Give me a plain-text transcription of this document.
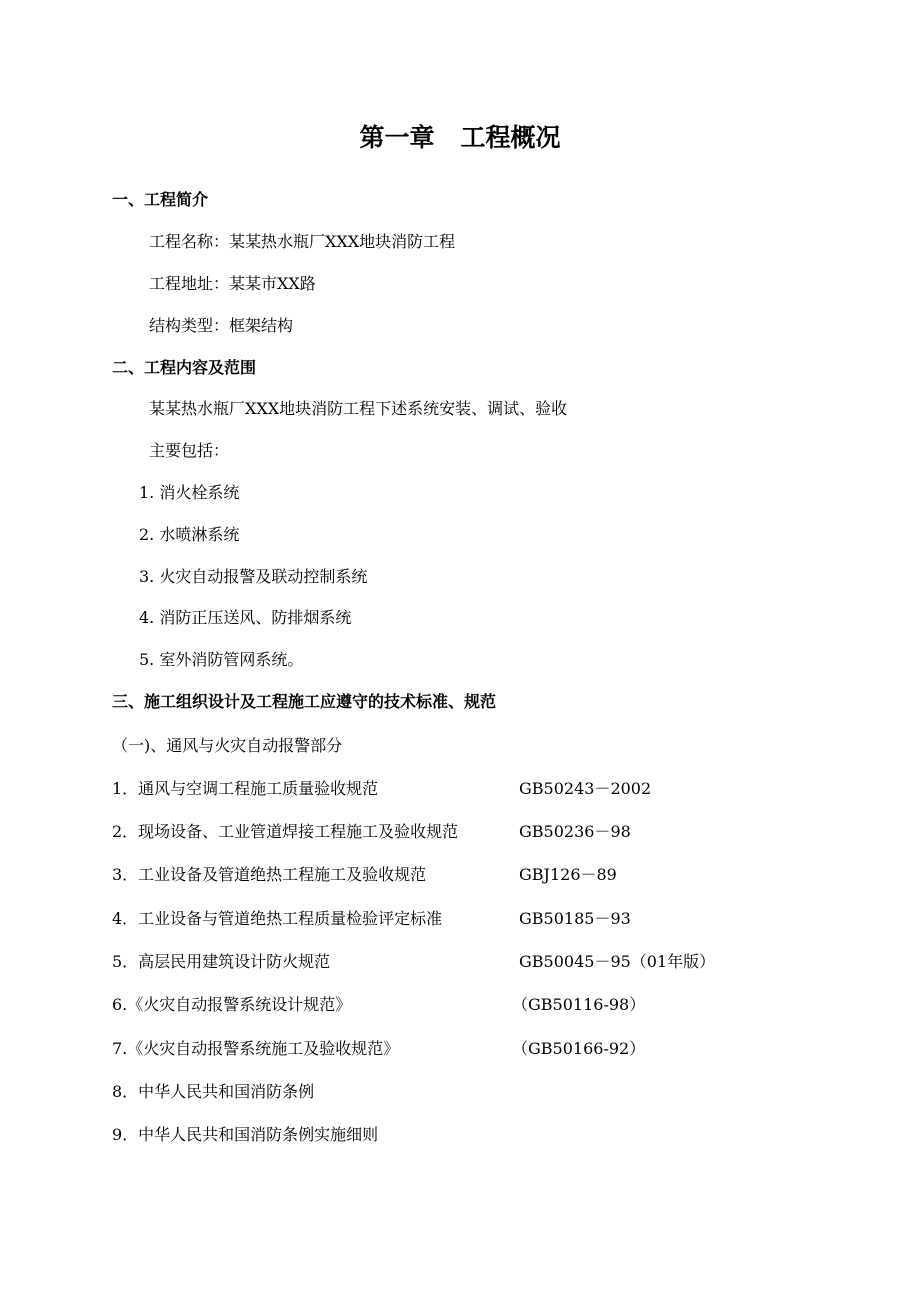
第一章 工程概况
一、工程简介
工程名称：某某热水瓶厂XXX地块消防工程
工程地址：某某市XX路
结构类型：框架结构
二、工程内容及范围
某某热水瓶厂XXX地块消防工程下述系统安装、调试、验收
主要包括：
1. 消火栓系统
2. 水喷淋系统
3. 火灾自动报警及联动控制系统
4. 消防正压送风、防排烟系统
5. 室外消防管网系统。
三、施工组织设计及工程施工应遵守的技术标准、规范
（一)、通风与火灾自动报警部分
1．通风与空调工程施工质量验收规范	GB50243－2002
2．现场设备、工业管道焊接工程施工及验收规范	GB50236－98
3．工业设备及管道绝热工程施工及验收规范	GBJ126－89
4．工业设备与管道绝热工程质量检验评定标准	GB50185－93
5．高层民用建筑设计防火规范	GB50045－95（01年版）
6.《火灾自动报警系统设计规范》	（GB50116-98）
7.《火灾自动报警系统施工及验收规范》	（GB50166-92）
8．中华人民共和国消防条例
9．中华人民共和国消防条例实施细则
